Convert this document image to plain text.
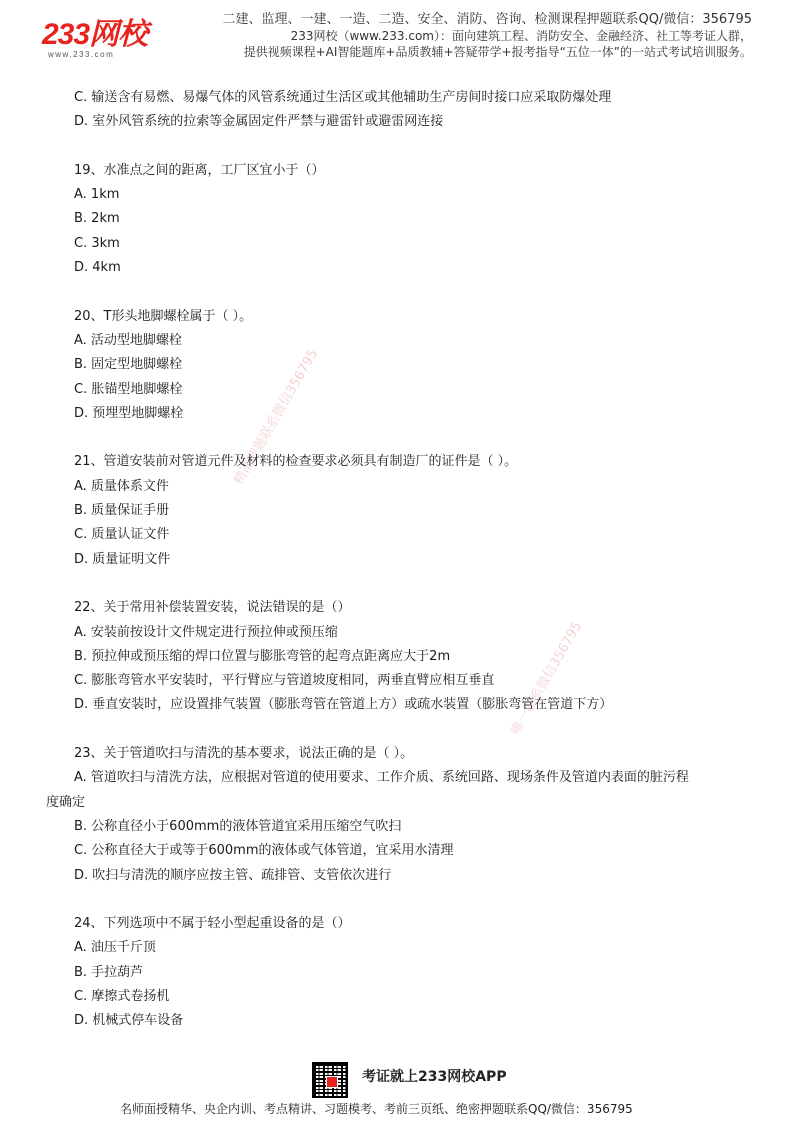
233网校
www.233.com
二建、监理、一建、一造、二造、安全、消防、咨询、检测课程押题联系QQ/微信：356795
233网校（www.233.com）：面向建筑工程、消防安全、金融经济、社工等考证人群，
提供视频课程+AI智能题库+品质教辅+答疑带学+报考指导“五位一体”的一站式考试培训服务。
精准押题联系微信356795
唯一联系微信356795
C. 输送含有易燃、易爆气体的风管系统通过生活区或其他辅助生产房间时接口应采取防爆处理
D. 室外风管系统的拉索等金属固定件严禁与避雷针或避雷网连接
19、水准点之间的距离，工厂区宜小于（）
A. 1km
B. 2km
C. 3km
D. 4km
20、T形头地脚螺栓属于（ ）。
A. 活动型地脚螺栓
B. 固定型地脚螺栓
C. 胀锚型地脚螺栓
D. 预埋型地脚螺栓
21、管道安装前对管道元件及材料的检查要求必须具有制造厂的证件是（ ）。
A. 质量体系文件
B. 质量保证手册
C. 质量认证文件
D. 质量证明文件
22、关于常用补偿装置安装，说法错误的是（）
A. 安装前按设计文件规定进行预拉伸或预压缩
B. 预拉伸或预压缩的焊口位置与膨胀弯管的起弯点距离应大于2m
C. 膨胀弯管水平安装时，平行臂应与管道坡度相同，两垂直臂应相互垂直
D. 垂直安装时，应设置排气装置（膨胀弯管在管道上方）或疏水装置（膨胀弯管在管道下方）
23、关于管道吹扫与清洗的基本要求，说法正确的是（ ）。
A. 管道吹扫与清洗方法，应根据对管道的使用要求、工作介质、系统回路、现场条件及管道内表面的脏污程
度确定
B. 公称直径小于600mm的液体管道宜采用压缩空气吹扫
C. 公称直径大于或等于600mm的液体或气体管道，宜采用水清理
D. 吹扫与清洗的顺序应按主管、疏排管、支管依次进行
24、下列选项中不属于轻小型起重设备的是（）
A. 油压千斤顶
B. 手拉葫芦
C. 摩擦式卷扬机
D. 机械式停车设备
考证就上233网校APP
名师面授精华、央企内训、考点精讲、习题模考、考前三页纸、绝密押题联系QQ/微信：356795
